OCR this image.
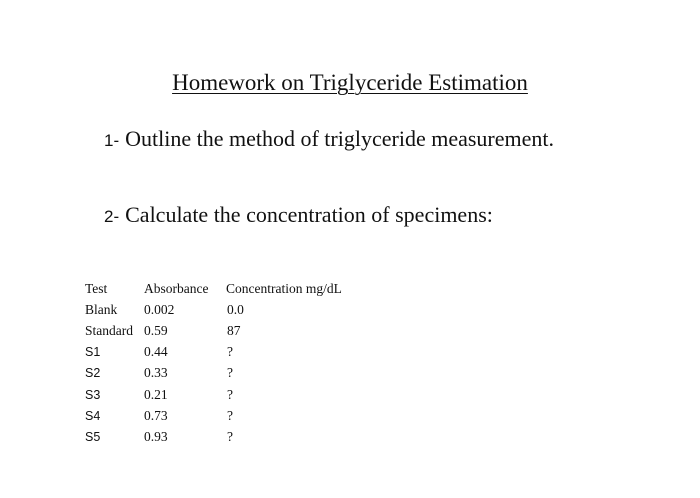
Homework on Triglyceride Estimation
1- Outline the method of triglyceride measurement.
2- Calculate the concentration of specimens:
Test	Absorbance	Concentration mg/dL
Blank	0.002	0.0
Standard	0.59	87
S1	0.44	?
S2	0.33	?
S3	0.21	?
S4	0.73	?
S5	0.93	?
